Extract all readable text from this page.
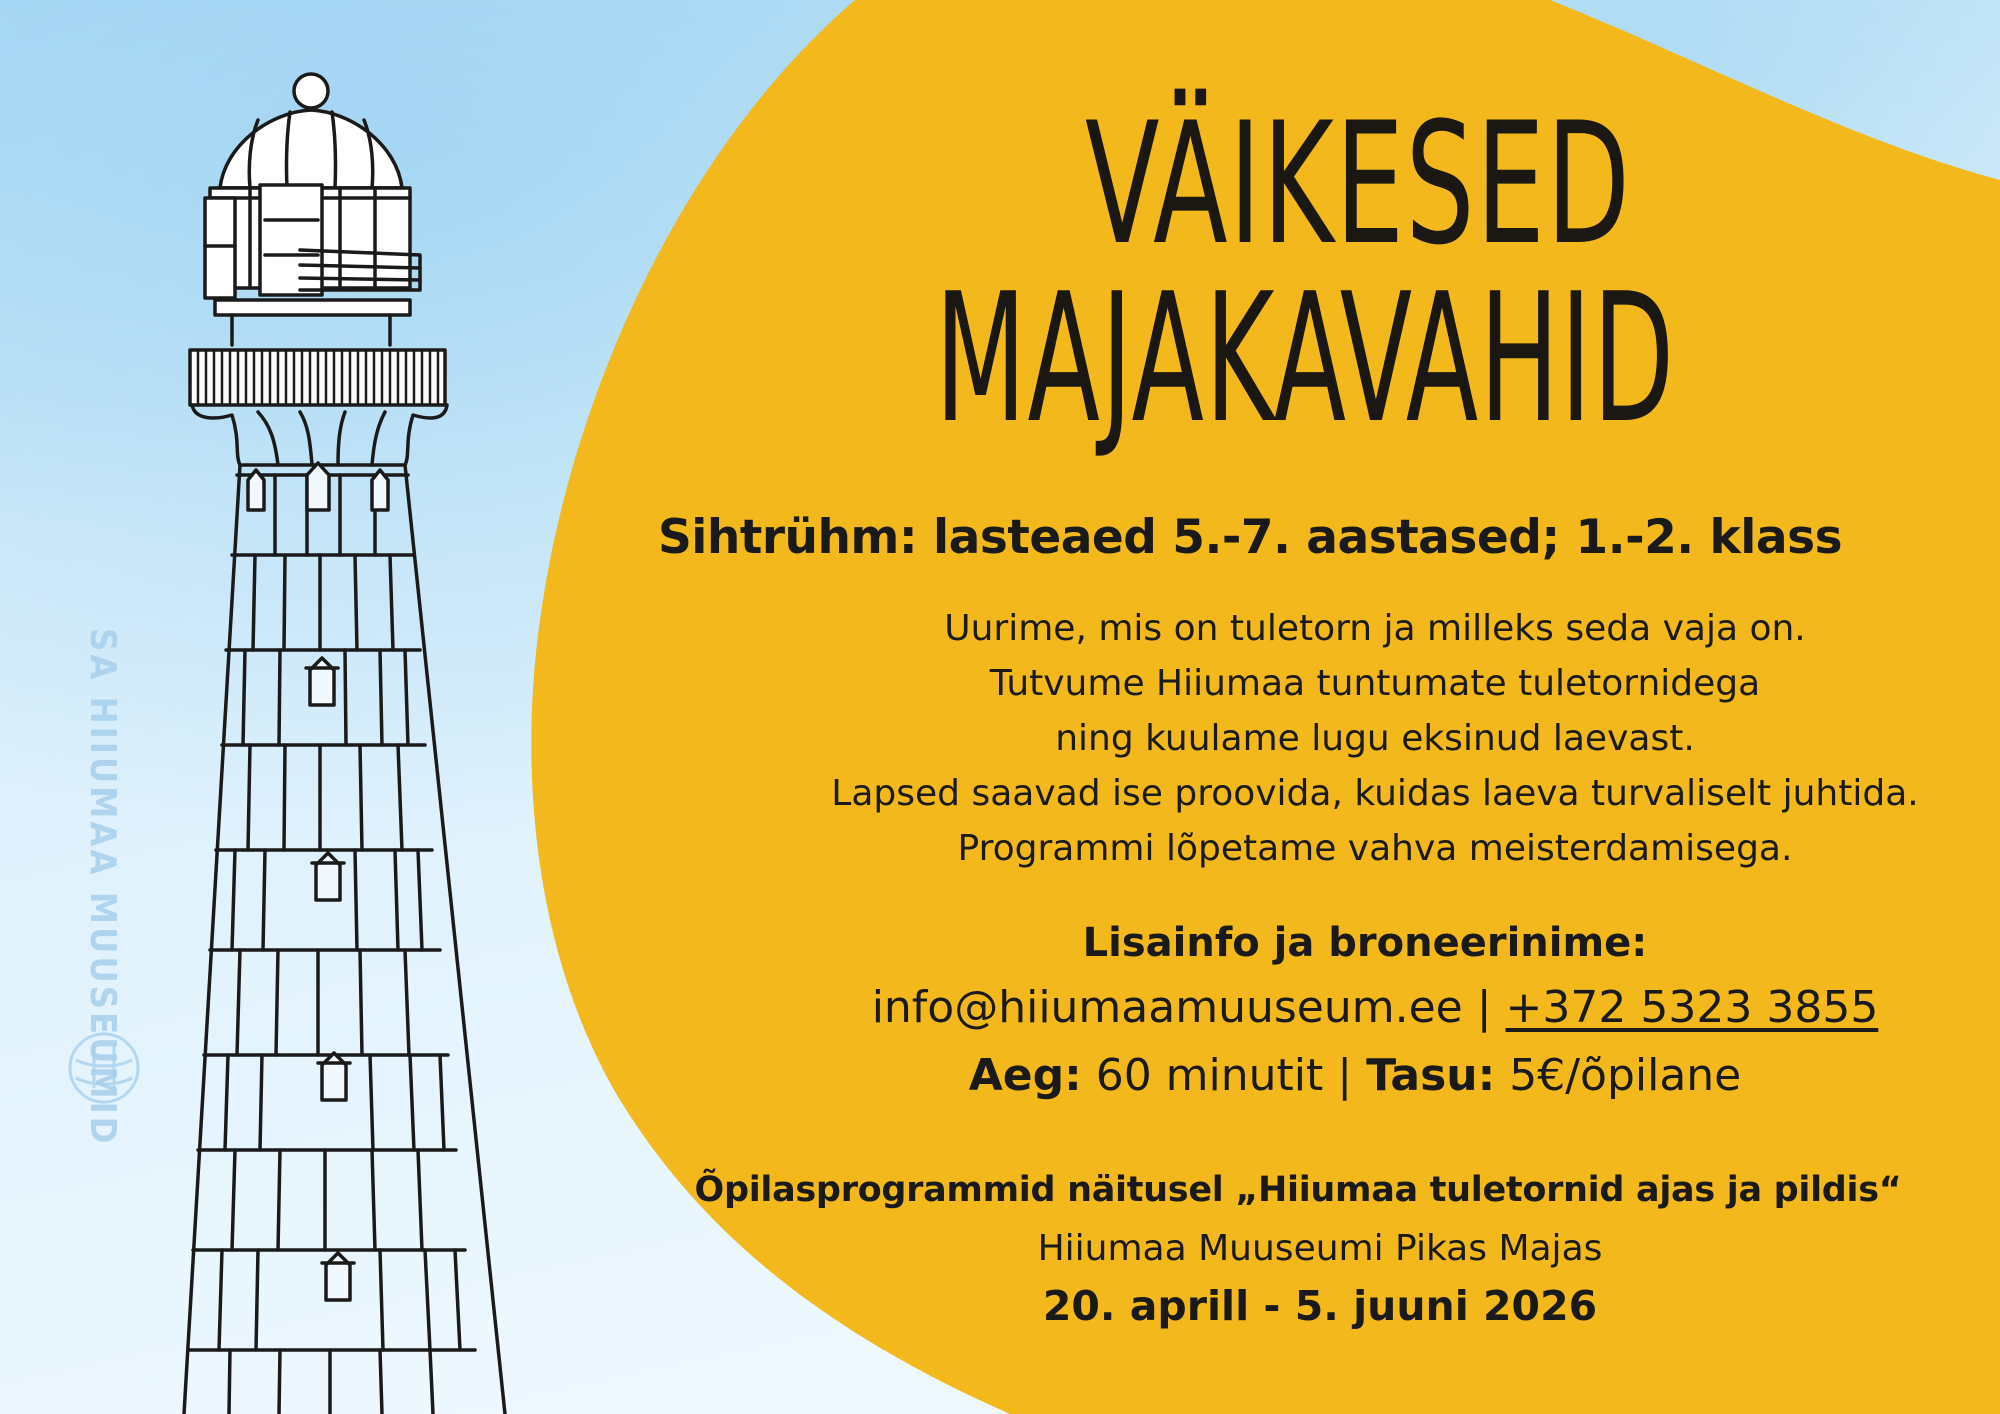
SA HIIUMAA MUUSEUMID
VÄIKESED
MAJAKAVAHID

Sihtrühm: lasteaed 5.-7. aastased; 1.-2. klass

Uurime, mis on tuletorn ja milleks seda vaja on.

Tutvume Hiiumaa tuntumate tuletornidega

ning kuulame lugu eksinud laevast.

Lapsed saavad ise proovida, kuidas laeva turvaliselt juhtida.

Programmi lõpetame vahva meisterdamisega.

Lisainfo ja broneerinime:

info@hiiumaamuuseum.ee | +372 5323 3855

Aeg: 60 minutit | Tasu: 5€/õpilane

Õpilasprogrammid näitusel „Hiiumaa tuletornid ajas ja pildis“

Hiiumaa Muuseumi Pikas Majas

20. aprill - 5. juuni 2026
